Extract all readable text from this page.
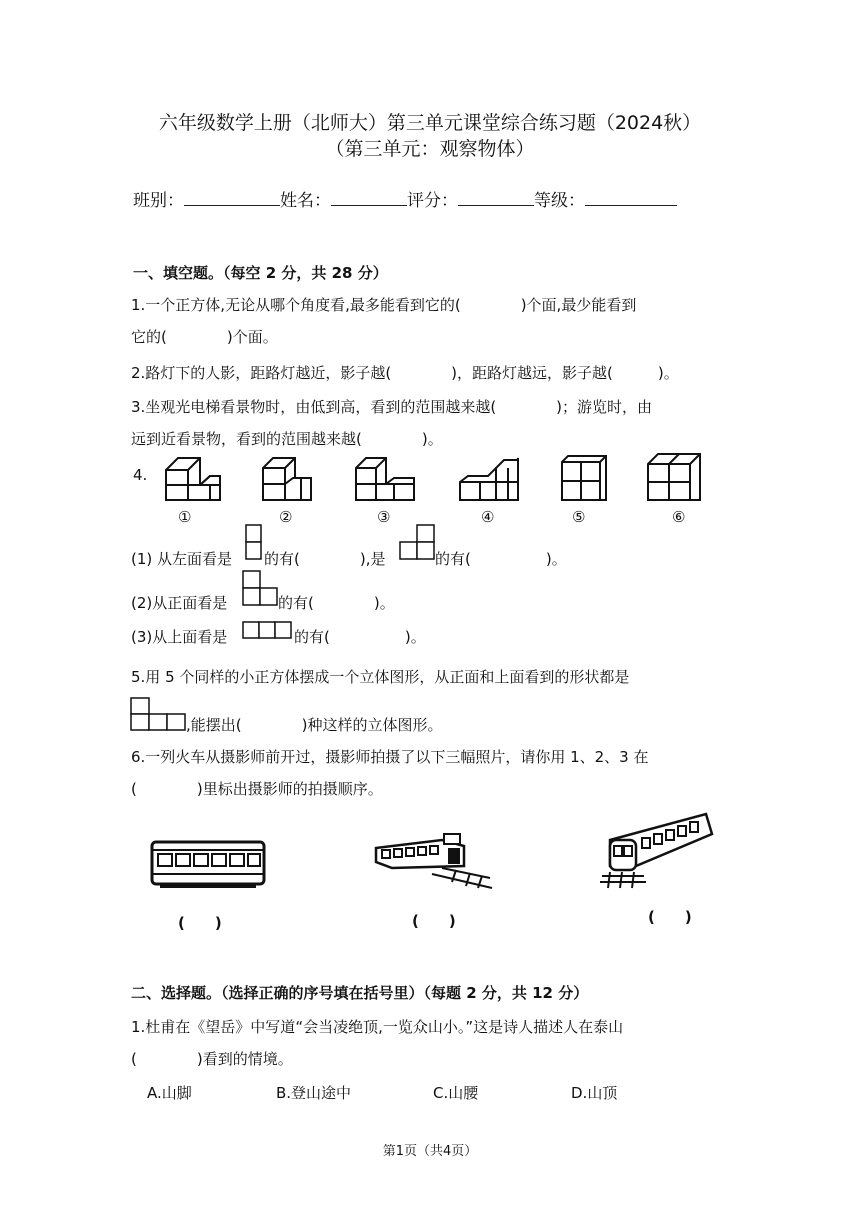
六年级数学上册（北师大）第三单元课堂综合练习题（2024秋）
（第三单元：观察物体）
班别：	姓名：	评分：	等级：
一、填空题。（每空 2 分，共 28 分）
1.一个正方体,无论从哪个角度看,最多能看到它的(　　　　)个面,最少能看到
它的(　　　　)个面。
2.路灯下的人影，距路灯越近，影子越(　　　　)，距路灯越远，影子越(　　　)。
3.坐观光电梯看景物时，由低到高，看到的范围越来越(　　　　)；游览时，由
远到近看景物，看到的范围越来越(　　　　)。
4.
①	②	③	④	⑤	⑥
(1) 从左面看是 的有(　　　　),是	的有(　　　　　)。
(2)从正面看是	的有(　　　　)。
(3)从上面看是	的有(　　　　　)。
5.用 5 个同样的小正方体摆成一个立体图形，从正面和上面看到的形状都是
,能摆出(　　　　)种这样的立体图形。
6.一列火车从摄影师前开过，摄影师拍摄了以下三幅照片，请你用 1、2、3 在
(　　　　)里标出摄影师的拍摄顺序。
(　　)	(　　)	(　　)
二、选择题。（选择正确的序号填在括号里）（每题 2 分，共 12 分）
1.杜甫在《望岳》中写道“会当凌绝顶,一览众山小。”这是诗人描述人在泰山
(　　　　)看到的情境。
A.山脚	B.登山途中	C.山腰	D.山顶
第1页（共4页）
